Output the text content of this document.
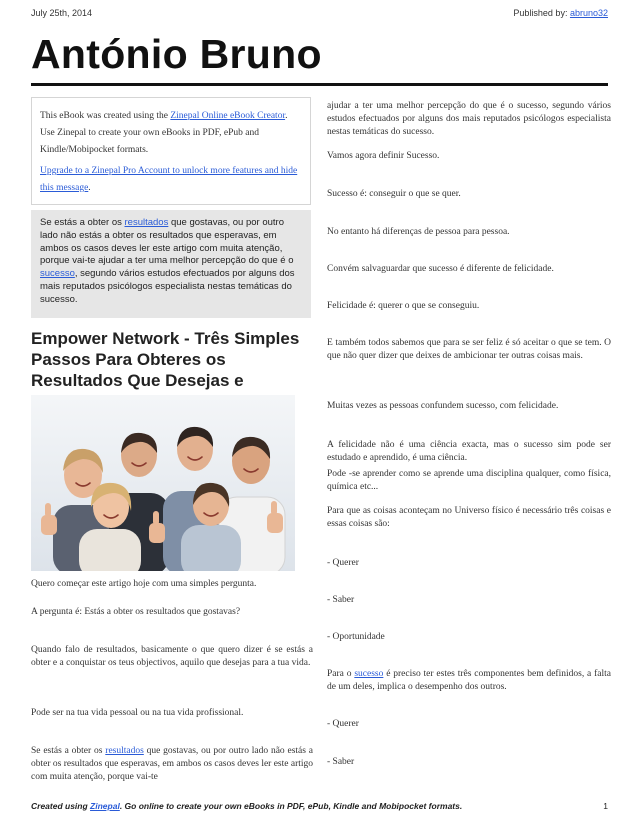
July 25th, 2014	Published by: abruno32
António Bruno

This eBook was created using the Zinepal Online eBook Creator. Use Zinepal to create your own eBooks in PDF, ePub and Kindle/Mobipocket formats.

Upgrade to a Zinepal Pro Account to unlock more features and hide this message.

Se estás a obter os resultados que gostavas, ou por outro lado não estás a obter os resultados que esperavas, em ambos os casos deves ler este artigo com muita atenção, porque vai-te ajudar a ter uma melhor percepção do que é o sucesso, segundo vários estudos efectuados por alguns dos mais reputados psicólogos especialista nestas temáticas do sucesso.
Empower Network - Três Simples Passos Para Obteres os Resultados Que Desejas e

Quero começar este artigo hoje com uma simples pergunta.

A pergunta é: Estás a obter os resultados que gostavas?

Quando falo de resultados, basicamente o que quero dizer é se estás a obter e a conquistar os teus objectivos, aquilo que desejas para a tua vida.

Pode ser na tua vida pessoal ou na tua vida profissional.

Se estás a obter os resultados que gostavas, ou por outro lado não estás a obter os resultados que esperavas, em ambos os casos deves ler este artigo com muita atenção, porque vai-te

ajudar a ter uma melhor percepção do que é o sucesso, segundo vários estudos efectuados por alguns dos mais reputados psicólogos especialista nestas temáticas do sucesso.

Vamos agora definir Sucesso.

Sucesso é: conseguir o que se quer.

No entanto há diferenças de pessoa para pessoa.

Convém salvaguardar que sucesso é diferente de felicidade.

Felicidade é: querer o que se conseguiu.

E também todos sabemos que para se ser feliz é só aceitar o que se tem. O que não quer dizer que deixes de ambicionar ter outras coisas mais.

Muitas vezes as pessoas confundem sucesso, com felicidade.

A felicidade não é uma ciência exacta, mas o sucesso sim pode ser estudado e aprendido, é uma ciência.

Pode -se aprender como se aprende uma disciplina qualquer, como física, química etc...

Para que as coisas aconteçam no Universo físico é necessário três coisas e essas coisas são:

- Querer

- Saber

- Oportunidade

Para o sucesso é preciso ter estes três componentes bem definidos, a falta de um deles, implica o desempenho dos outros.

- Querer

- Saber

Created using Zinepal. Go online to create your own eBooks in PDF, ePub, Kindle and Mobipocket formats.	1
